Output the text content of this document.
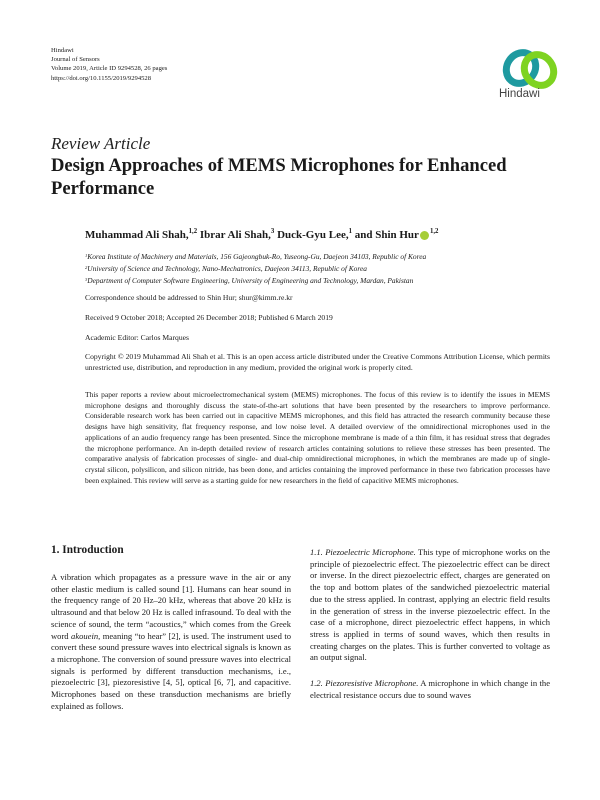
Hindawi
Journal of Sensors
Volume 2019, Article ID 9294528, 26 pages
https://doi.org/10.1155/2019/9294528
Hindawi
Review Article
Design Approaches of MEMS Microphones for Enhanced Performance
Muhammad Ali Shah,$^{1,2}$ Ibrar Ali Shah,$^3$ Duck-Gyu Lee,$^1$ and Shin Hur $^{1,2}$
$^1$Korea Institute of Machinery and Materials, 156 Gajeongbuk-Ro, Yuseong-Gu, Daejeon 34103, Republic of Korea
$^2$University of Science and Technology, Nano-Mechatronics, Daejeon 34113, Republic of Korea
$^3$Department of Computer Software Engineering, University of Engineering and Technology, Mardan, Pakistan
Correspondence should be addressed to Shin Hur; shur@kimm.re.kr
Received 9 October 2018; Accepted 26 December 2018; Published 6 March 2019
Academic Editor: Carlos Marques
Copyright © 2019 Muhammad Ali Shah et al. This is an open access article distributed under the Creative Commons Attribution License, which permits unrestricted use, distribution, and reproduction in any medium, provided the original work is properly cited.
This paper reports a review about microelectromechanical system (MEMS) microphones. The focus of this review is to identify the issues in MEMS microphone designs and thoroughly discuss the state-of-the-art solutions that have been presented by the researchers to improve performance. Considerable research work has been carried out in capacitive MEMS microphones, and this field has attracted the research community because these designs have high sensitivity, flat frequency response, and low noise level. A detailed overview of the omnidirectional microphones used in the applications of an audio frequency range has been presented. Since the microphone membrane is made of a thin film, it has residual stress that degrades the microphone performance. An in-depth detailed review of research articles containing solutions to relieve these stresses has been presented. The comparative analysis of fabrication processes of single- and dual-chip omnidirectional microphones, in which the membranes are made up of single-crystal silicon, polysilicon, and silicon nitride, has been done, and articles containing the improved performance in these two fabrication processes have been explained. This review will serve as a starting guide for new researchers in the field of capacitive MEMS microphones.
1. Introduction
A vibration which propagates as a pressure wave in the air or any other elastic medium is called sound [1]. Humans can hear sound in the frequency range of 20 Hz–20 kHz, whereas that above 20 kHz is ultrasound and that below 20 Hz is called infrasound. To deal with the science of sound, the term “acoustics,” which comes from the Greek word akouein, meaning “to hear” [2], is used. The instrument used to convert these sound pressure waves into electrical signals is known as a microphone. The conversion of sound pressure waves into electrical signals is performed by different transduction mechanisms, i.e., piezoelectric [3], piezoresistive [4, 5], optical [6, 7], and capacitive. Microphones based on these transduction mechanisms are briefly explained as follows.
1.1. Piezoelectric Microphone. This type of microphone works on the principle of piezoelectric effect. The piezoelectric effect can be direct or inverse. In the direct piezoelectric effect, charges are generated on the top and bottom plates of the sandwiched piezoelectric material due to the stress applied. In contrast, applying an electric field results in the generation of stress in the inverse piezoelectric effect. In the case of a microphone, direct piezoelectric effect happens, in which stress is applied in terms of sound waves, which then results in creating charges on the plates. This is further converted to voltage as an output signal.
1.2. Piezoresistive Microphone. A microphone in which change in the electrical resistance occurs due to sound waves
